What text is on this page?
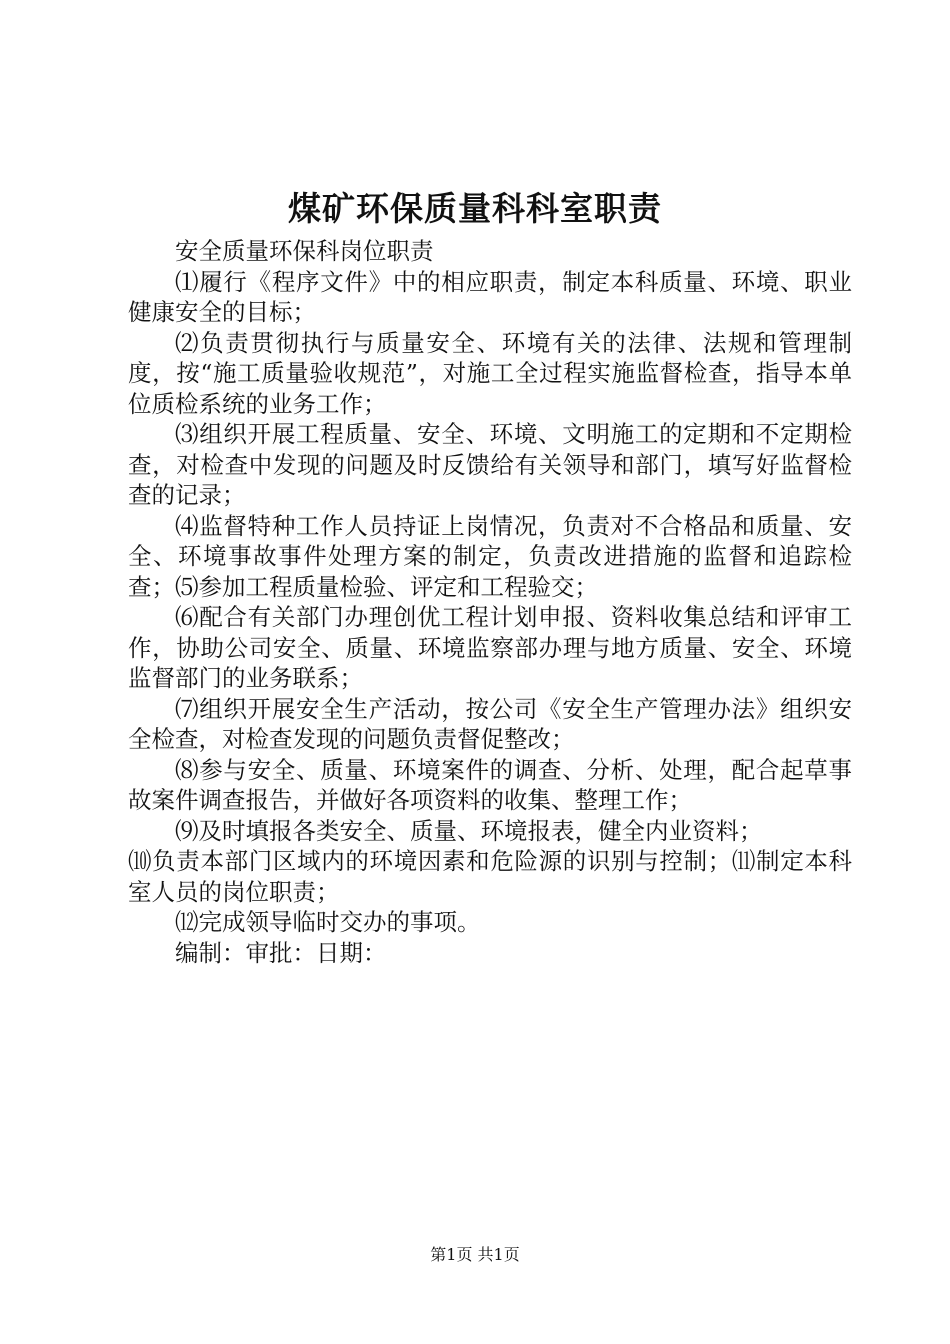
煤矿环保质量科科室职责

安全质量环保科岗位职责

⑴履行《程序文件》中的相应职责，制定本科质量、环境、职业健康安全的目标；

⑵负责贯彻执行与质量安全、环境有关的法律、法规和管理制度，按“施工质量验收规范”，对施工全过程实施监督检查，指导本单位质检系统的业务工作；

⑶组织开展工程质量、安全、环境、文明施工的定期和不定期检查，对检查中发现的问题及时反馈给有关领导和部门，填写好监督检查的记录；

⑷监督特种工作人员持证上岗情况，负责对不合格品和质量、安全、环境事故事件处理方案的制定，负责改进措施的监督和追踪检查；⑸参加工程质量检验、评定和工程验交；

⑹配合有关部门办理创优工程计划申报、资料收集总结和评审工作，协助公司安全、质量、环境监察部办理与地方质量、安全、环境监督部门的业务联系；

⑺组织开展安全生产活动，按公司《安全生产管理办法》组织安全检查，对检查发现的问题负责督促整改；

⑻参与安全、质量、环境案件的调查、分析、处理，配合起草事故案件调查报告，并做好各项资料的收集、整理工作；

⑼及时填报各类安全、质量、环境报表，健全内业资料；

⑽负责本部门区域内的环境因素和危险源的识别与控制；⑾制定本科室人员的岗位职责；

⑿完成领导临时交办的事项。

编制：审批：日期：

第1页 共1页
